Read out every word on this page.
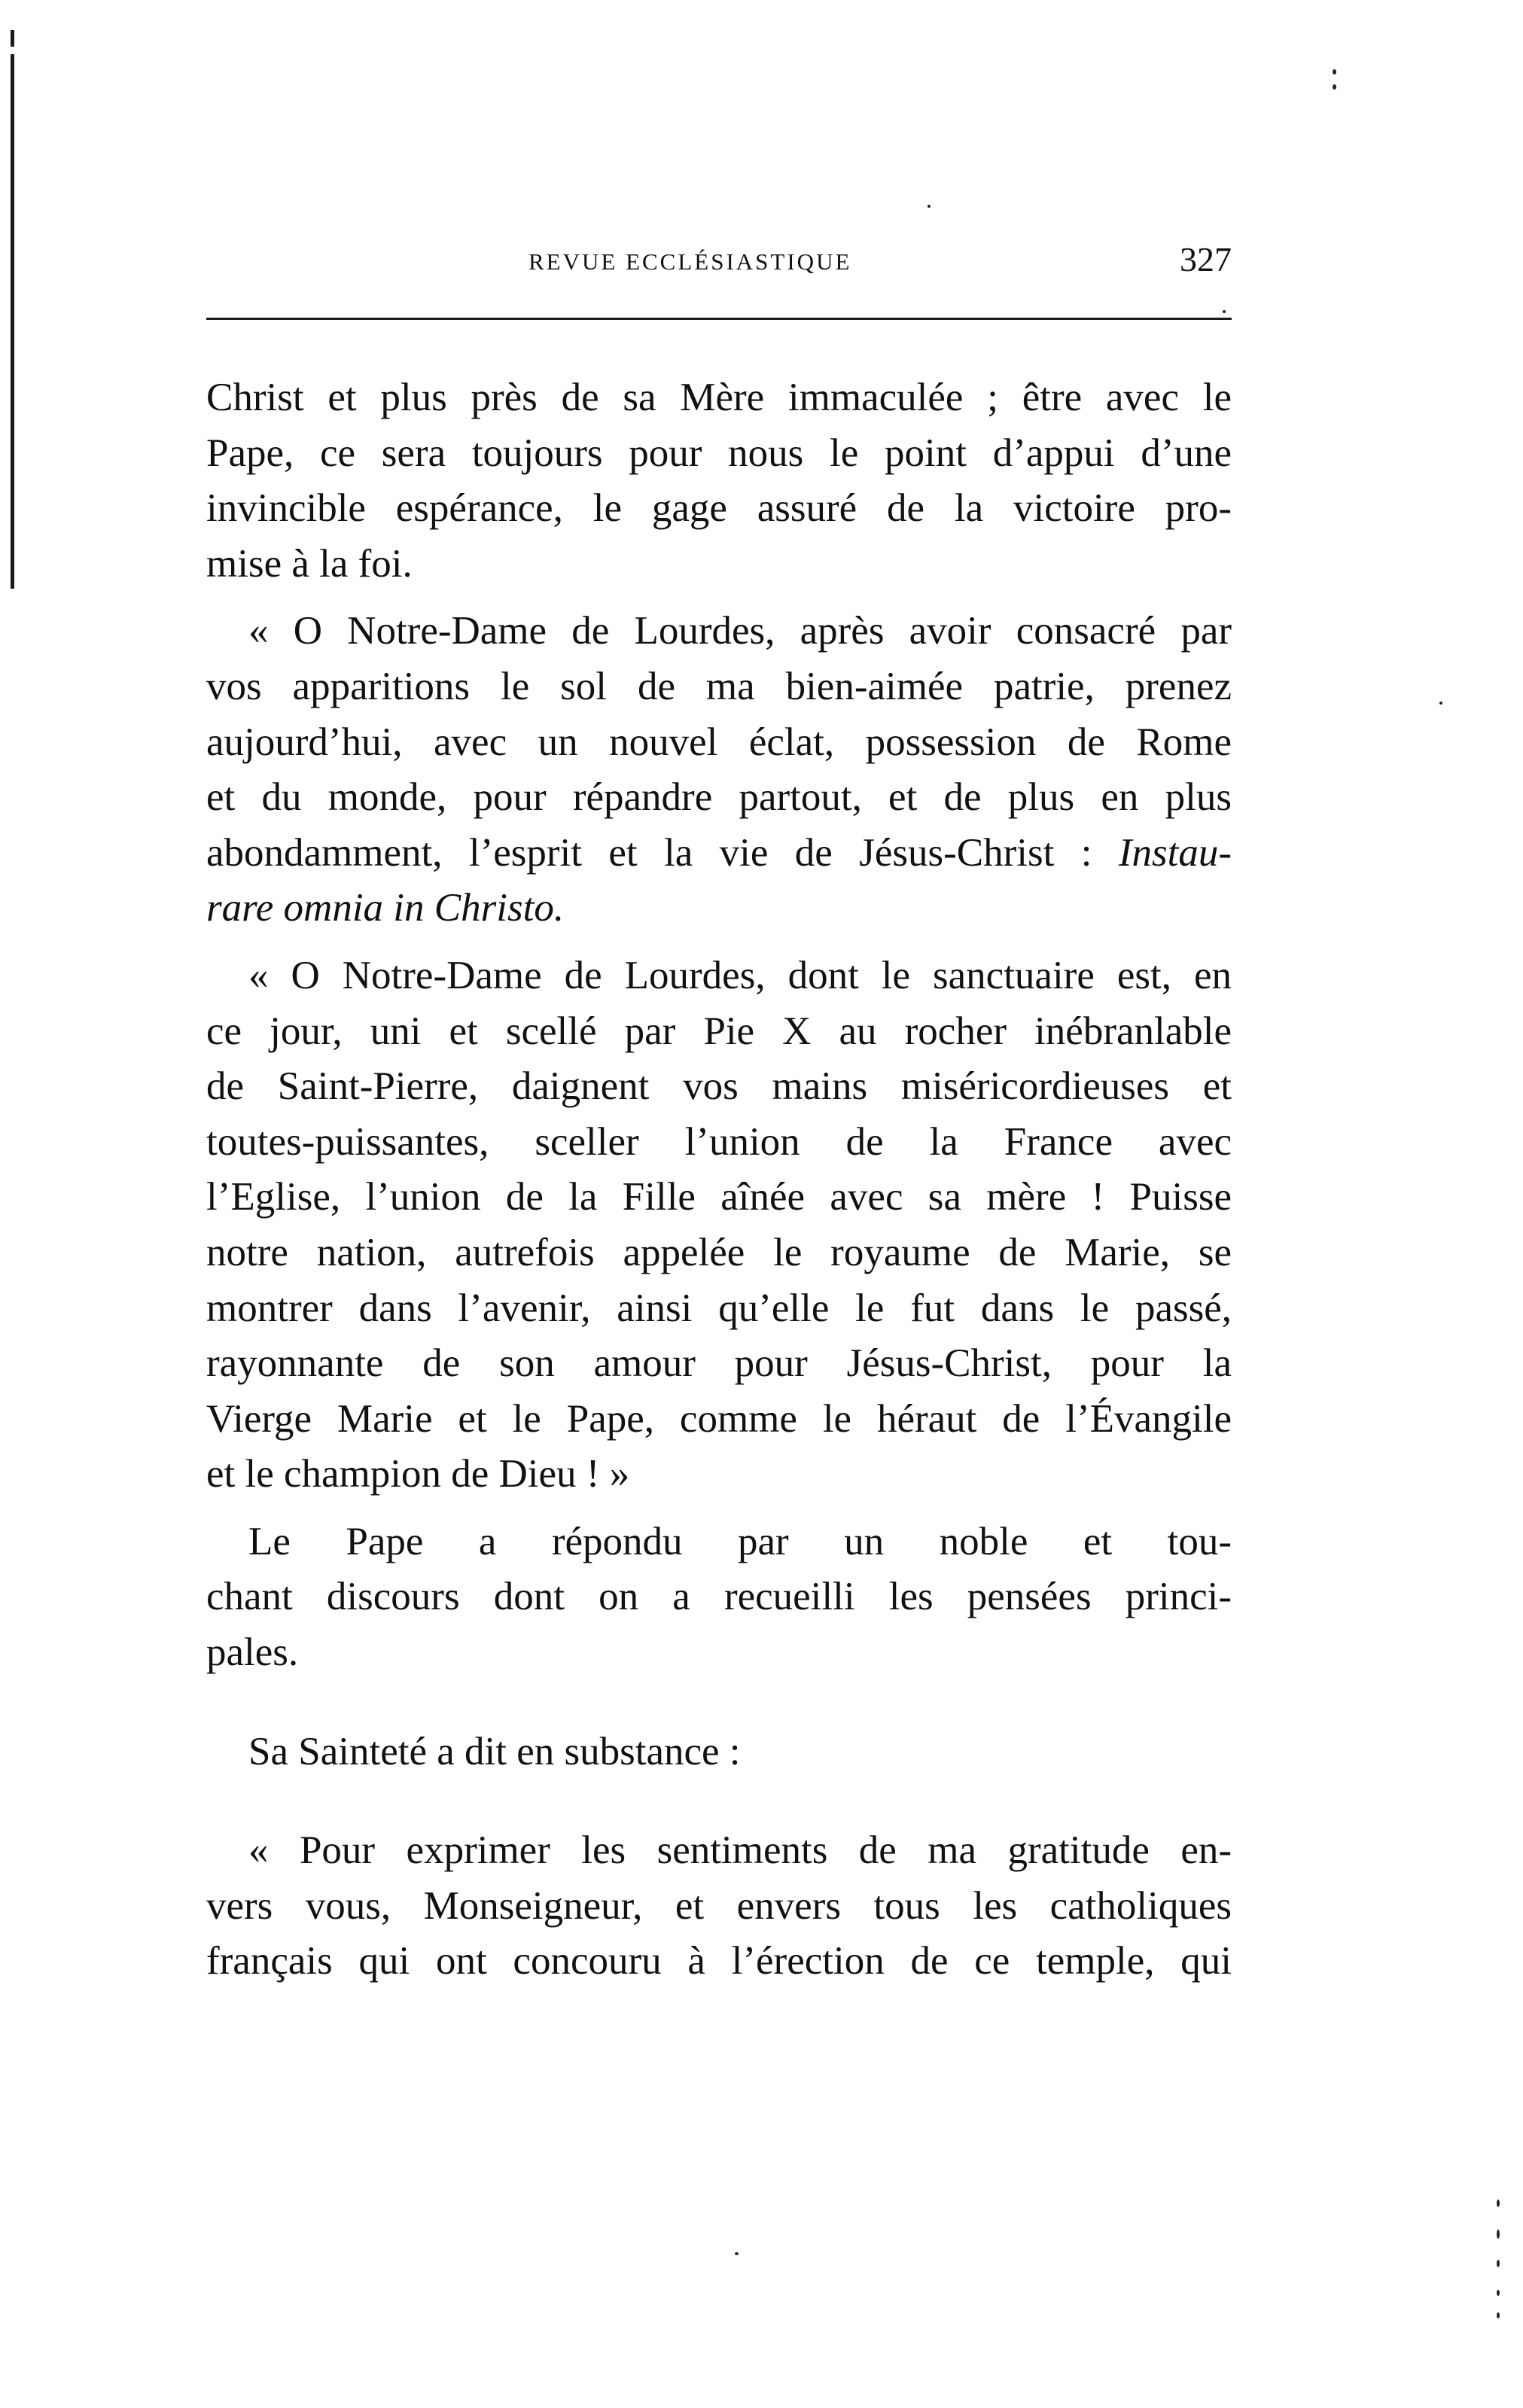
REVUE ECCLÉSIASTIQUE	327
Christ et plus près de sa Mère immaculée ; être avec le
Pape, ce sera toujours pour nous le point d’appui d’une
invincible espérance, le gage assuré de la victoire pro-
mise à la foi.
« O Notre-Dame de Lourdes, après avoir consacré par
vos apparitions le sol de ma bien-aimée patrie, prenez
aujourd’hui, avec un nouvel éclat, possession de Rome
et du monde, pour répandre partout, et de plus en plus
abondamment, l’esprit et la vie de Jésus-Christ : Instau-
rare omnia in Christo.
« O Notre-Dame de Lourdes, dont le sanctuaire est, en
ce jour, uni et scellé par Pie X au rocher inébranlable
de Saint-Pierre, daignent vos mains miséricordieuses et
toutes-puissantes, sceller l’union de la France avec
l’Eglise, l’union de la Fille aînée avec sa mère ! Puisse
notre nation, autrefois appelée le royaume de Marie, se
montrer dans l’avenir, ainsi qu’elle le fut dans le passé,
rayonnante de son amour pour Jésus-Christ, pour la
Vierge Marie et le Pape, comme le héraut de l’Évangile
et le champion de Dieu ! »
Le Pape a répondu par un noble et tou-
chant discours dont on a recueilli les pensées princi-
pales.
Sa Sainteté a dit en substance :
« Pour exprimer les sentiments de ma gratitude en-
vers vous, Monseigneur, et envers tous les catholiques
français qui ont concouru à l’érection de ce temple, qui
